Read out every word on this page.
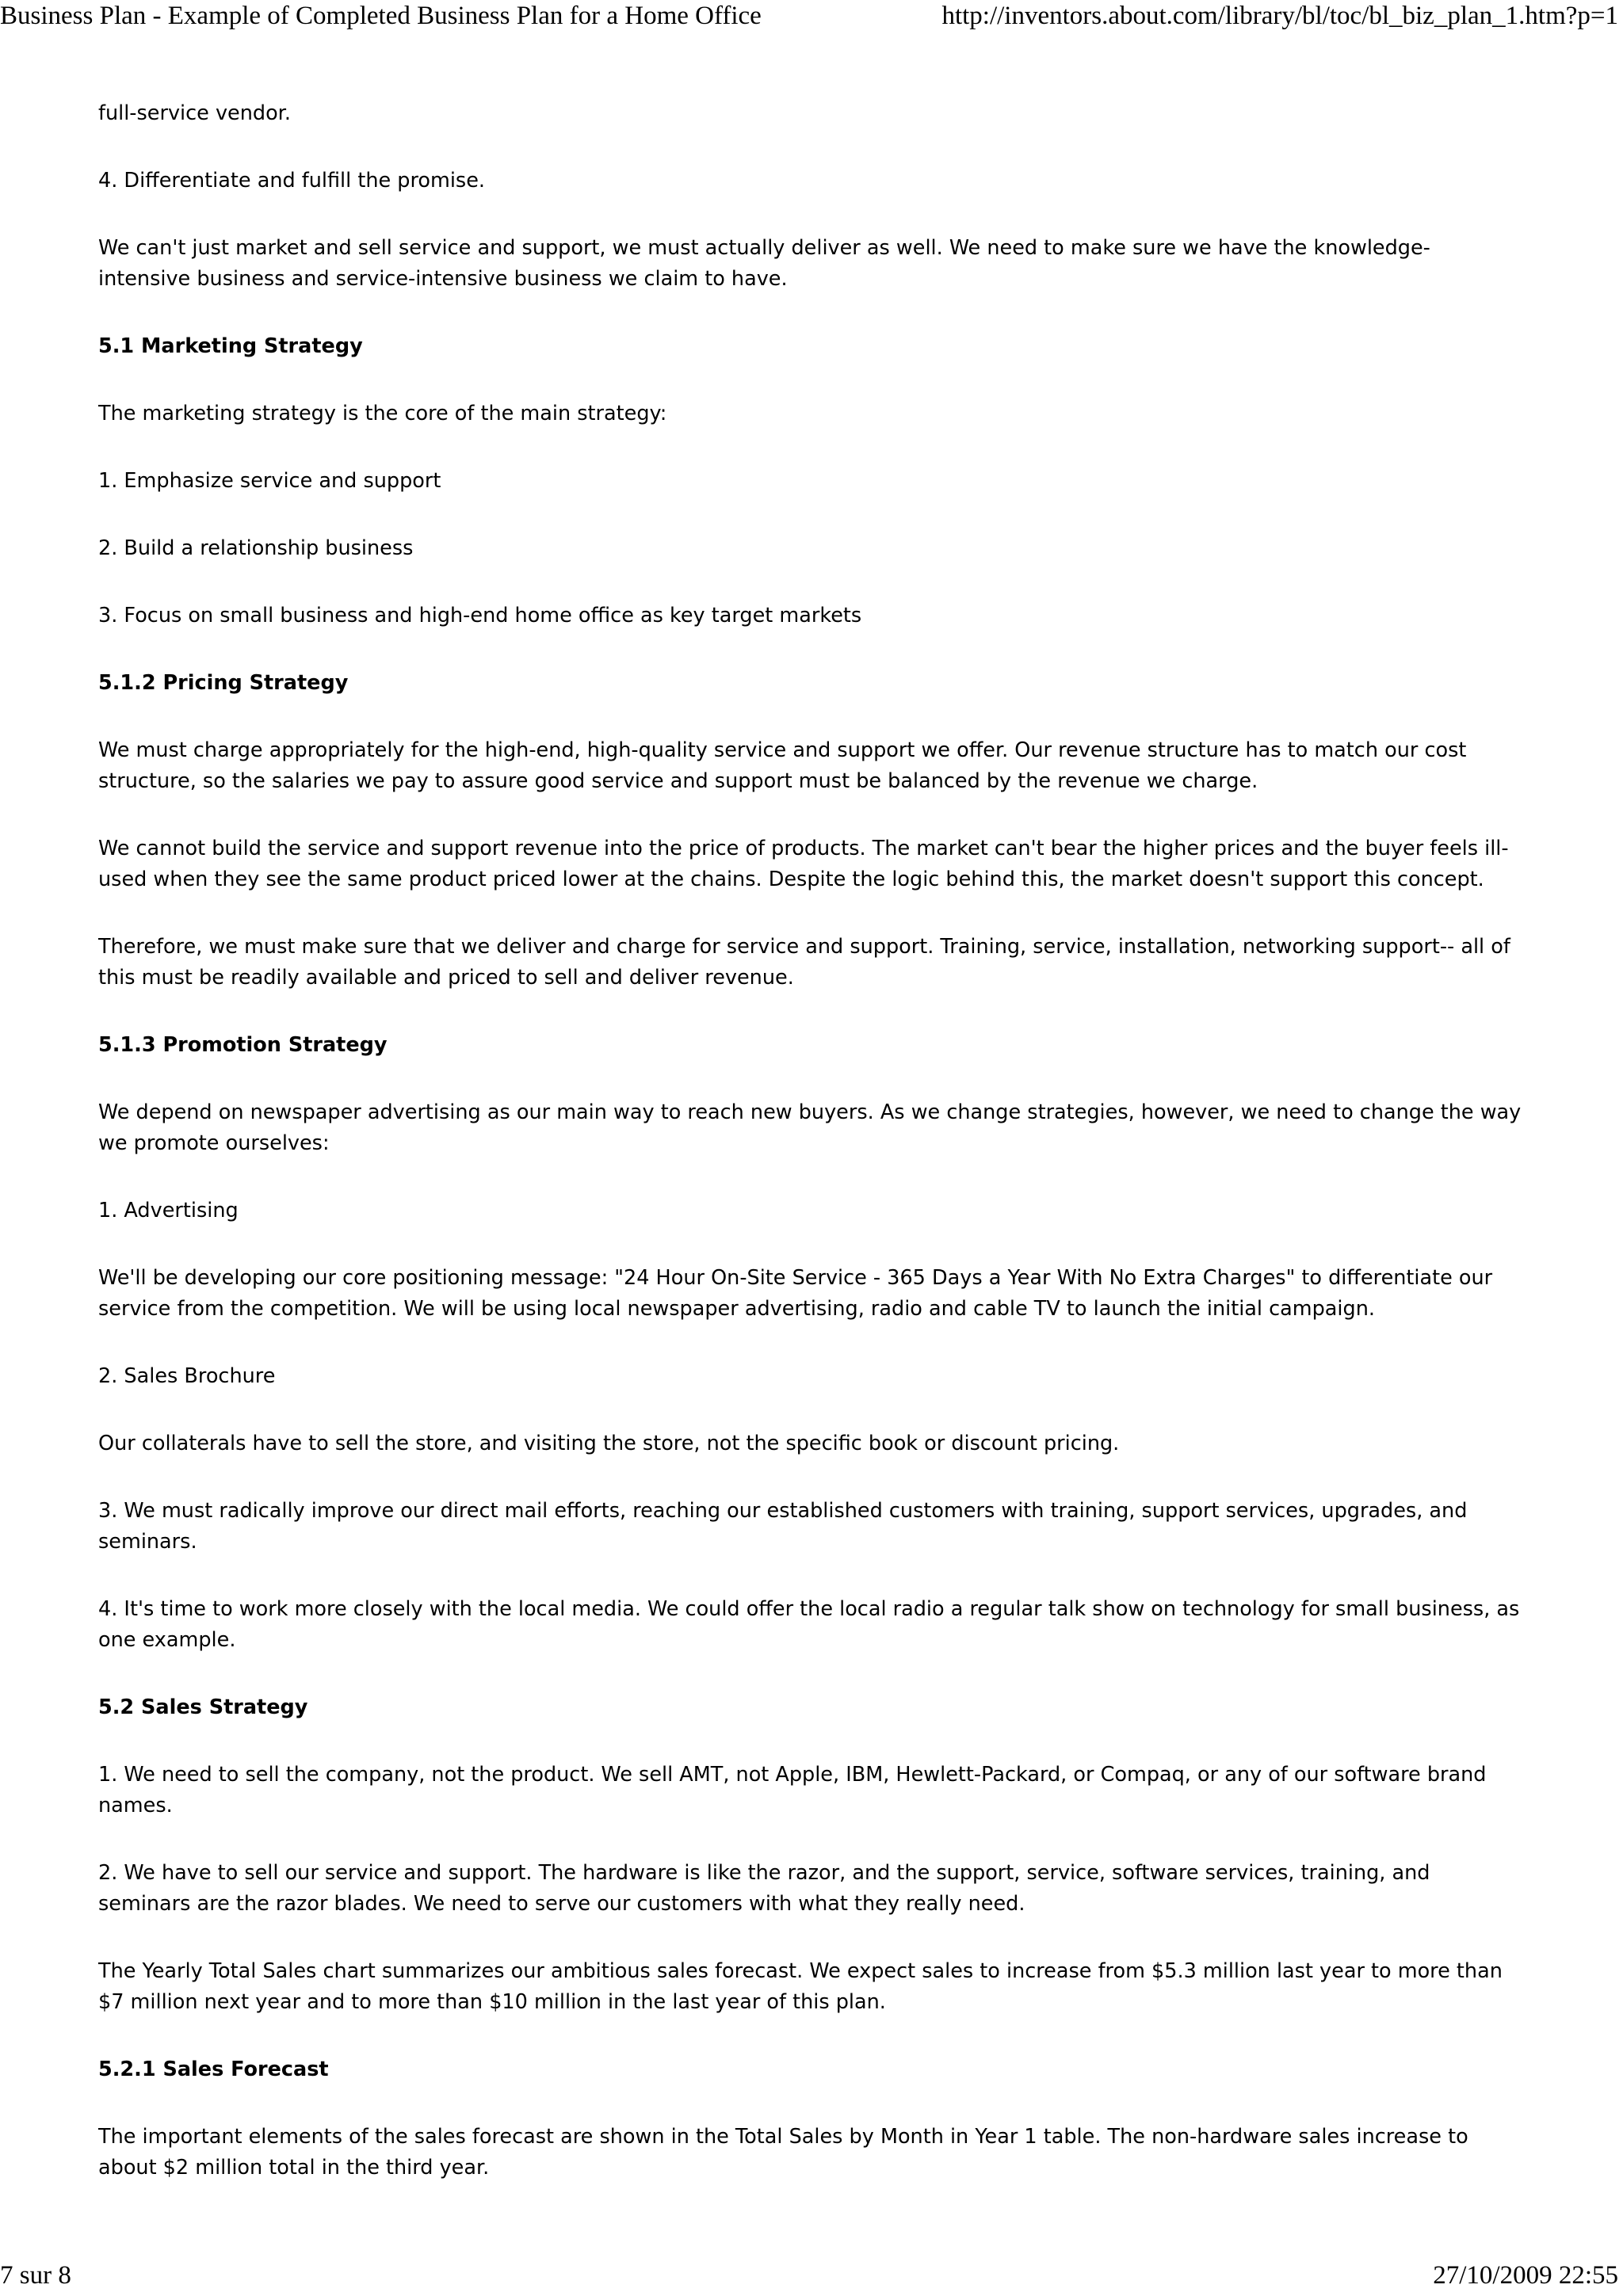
Business Plan - Example of Completed Business Plan for a Home Office	http://inventors.about.com/library/bl/toc/bl_biz_plan_1.htm?p=1

full-service vendor.

4. Differentiate and fulfill the promise.

We can't just market and sell service and support, we must actually deliver as well. We need to make sure we have the knowledge-intensive business and service-intensive business we claim to have.

5.1 Marketing Strategy

The marketing strategy is the core of the main strategy:

1. Emphasize service and support

2. Build a relationship business

3. Focus on small business and high-end home office as key target markets

5.1.2 Pricing Strategy

We must charge appropriately for the high-end, high-quality service and support we offer. Our revenue structure has to match our cost structure, so the salaries we pay to assure good service and support must be balanced by the revenue we charge.

We cannot build the service and support revenue into the price of products. The market can't bear the higher prices and the buyer feels ill-used when they see the same product priced lower at the chains. Despite the logic behind this, the market doesn't support this concept.

Therefore, we must make sure that we deliver and charge for service and support. Training, service, installation, networking support-- all of this must be readily available and priced to sell and deliver revenue.

5.1.3 Promotion Strategy

We depend on newspaper advertising as our main way to reach new buyers. As we change strategies, however, we need to change the way we promote ourselves:

1. Advertising

We'll be developing our core positioning message: "24 Hour On-Site Service - 365 Days a Year With No Extra Charges" to differentiate our service from the competition. We will be using local newspaper advertising, radio and cable TV to launch the initial campaign.

2. Sales Brochure

Our collaterals have to sell the store, and visiting the store, not the specific book or discount pricing.

3. We must radically improve our direct mail efforts, reaching our established customers with training, support services, upgrades, and seminars.

4. It's time to work more closely with the local media. We could offer the local radio a regular talk show on technology for small business, as one example.

5.2 Sales Strategy

1. We need to sell the company, not the product. We sell AMT, not Apple, IBM, Hewlett-Packard, or Compaq, or any of our software brand names.

2. We have to sell our service and support. The hardware is like the razor, and the support, service, software services, training, and seminars are the razor blades. We need to serve our customers with what they really need.

The Yearly Total Sales chart summarizes our ambitious sales forecast. We expect sales to increase from $5.3 million last year to more than $7 million next year and to more than $10 million in the last year of this plan.

5.2.1 Sales Forecast

The important elements of the sales forecast are shown in the Total Sales by Month in Year 1 table. The non-hardware sales increase to about $2 million total in the third year.

7 sur 8	27/10/2009 22:55
